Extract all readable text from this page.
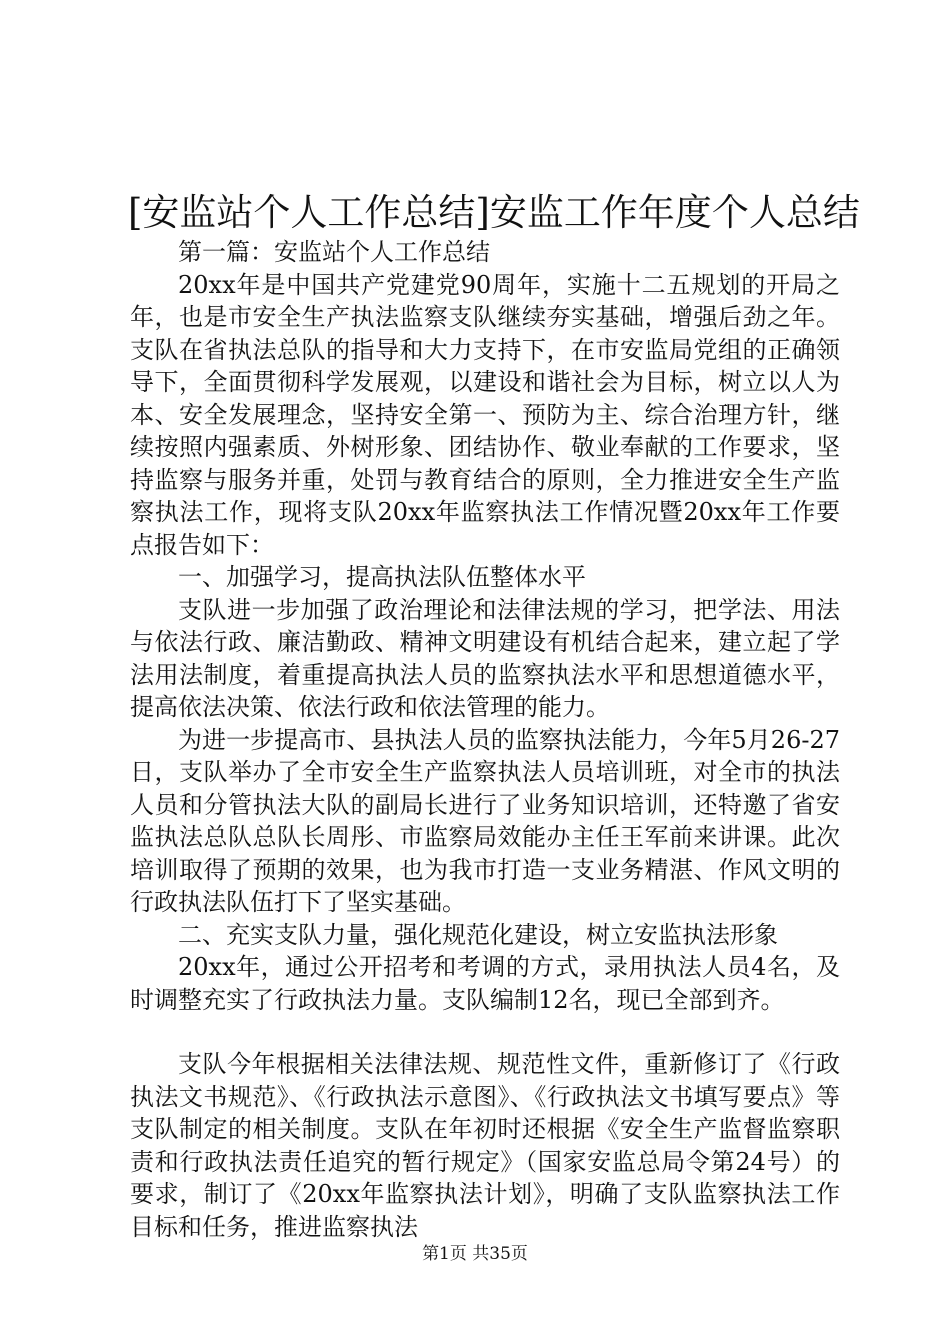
[安监站个人工作总结]安监工作年度个人总结

第一篇：安监站个人工作总结

20xx年是中国共产党建党90周年，实施十二五规划的开局之年，也是市安全生产执法监察支队继续夯实基础，增强后劲之年。支队在省执法总队的指导和大力支持下，在市安监局党组的正确领导下，全面贯彻科学发展观，以建设和谐社会为目标，树立以人为本、安全发展理念，坚持安全第一、预防为主、综合治理方针，继续按照内强素质、外树形象、团结协作、敬业奉献的工作要求，坚持监察与服务并重，处罚与教育结合的原则，全力推进安全生产监察执法工作，现将支队20xx年监察执法工作情况暨20xx年工作要点报告如下：

一、加强学习，提高执法队伍整体水平

支队进一步加强了政治理论和法律法规的学习，把学法、用法与依法行政、廉洁勤政、精神文明建设有机结合起来，建立起了学法用法制度，着重提高执法人员的监察执法水平和思想道德水平，提高依法决策、依法行政和依法管理的能力。

为进一步提高市、县执法人员的监察执法能力，今年5月26-27日，支队举办了全市安全生产监察执法人员培训班，对全市的执法人员和分管执法大队的副局长进行了业务知识培训，还特邀了省安监执法总队总队长周彤、市监察局效能办主任王军前来讲课。此次培训取得了预期的效果，也为我市打造一支业务精湛、作风文明的行政执法队伍打下了坚实基础。

二、充实支队力量，强化规范化建设，树立安监执法形象

20xx年，通过公开招考和考调的方式，录用执法人员4名，及时调整充实了行政执法力量。支队编制12名，现已全部到齐。

支队今年根据相关法律法规、规范性文件，重新修订了《行政执法文书规范》、《行政执法示意图》、《行政执法文书填写要点》等支队制定的相关制度。支队在年初时还根据《安全生产监督监察职责和行政执法责任追究的暂行规定》（国家安监总局令第24号）的要求，制订了《20xx年监察执法计划》，明确了支队监察执法工作目标和任务，推进监察执法

第1页 共35页
